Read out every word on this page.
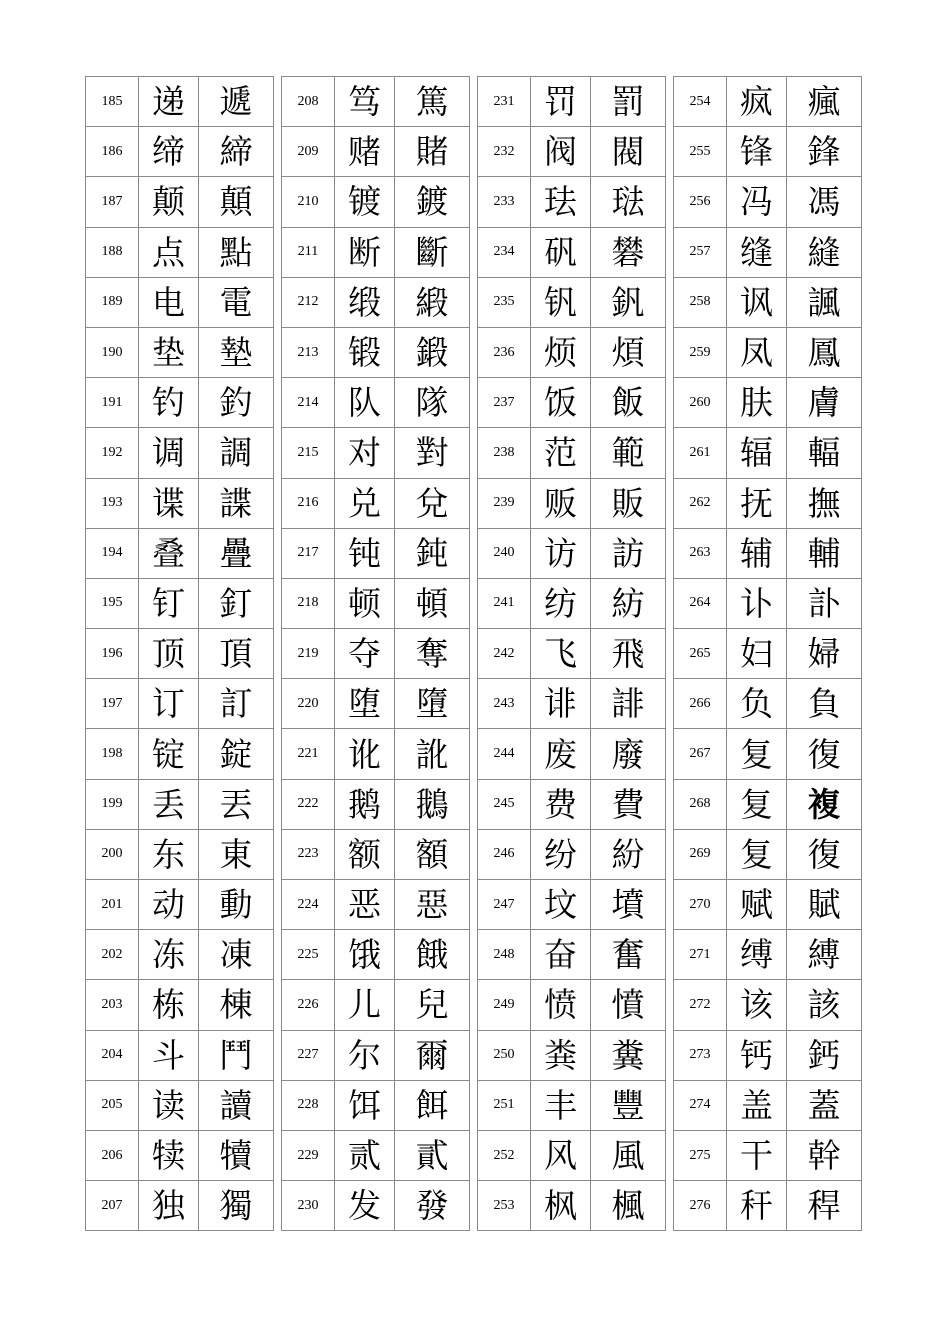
185	递	遞
186	缔	締
187	颠	顛
188	点	點
189	电	電
190	垫	墊
191	钓	釣
192	调	調
193	谍	諜
194	叠	疊
195	钉	釘
196	顶	頂
197	订	訂
198	锭	錠
199	丢	丟
200	东	東
201	动	動
202	冻	凍
203	栋	棟
204	斗	鬥
205	读	讀
206	犊	犢
207	独	獨
208	笃	篤
209	赌	賭
210	镀	鍍
211	断	斷
212	缎	緞
213	锻	鍛
214	队	隊
215	对	對
216	兑	兌
217	钝	鈍
218	顿	頓
219	夺	奪
220	堕	墮
221	讹	訛
222	鹅	鵝
223	额	額
224	恶	惡
225	饿	餓
226	儿	兒
227	尔	爾
228	饵	餌
229	贰	貳
230	发	發
231	罚	罰
232	阀	閥
233	珐	琺
234	矾	礬
235	钒	釩
236	烦	煩
237	饭	飯
238	范	範
239	贩	販
240	访	訪
241	纺	紡
242	飞	飛
243	诽	誹
244	废	廢
245	费	費
246	纷	紛
247	坟	墳
248	奋	奮
249	愤	憤
250	粪	糞
251	丰	豐
252	风	風
253	枫	楓
254	疯	瘋
255	锋	鋒
256	冯	馮
257	缝	縫
258	讽	諷
259	凤	鳳
260	肤	膚
261	辐	輻
262	抚	撫
263	辅	輔
264	讣	訃
265	妇	婦
266	负	負
267	复	復
268	复	複
269	复	復
270	赋	賦
271	缚	縛
272	该	該
273	钙	鈣
274	盖	蓋
275	干	幹
276	秆	稈
